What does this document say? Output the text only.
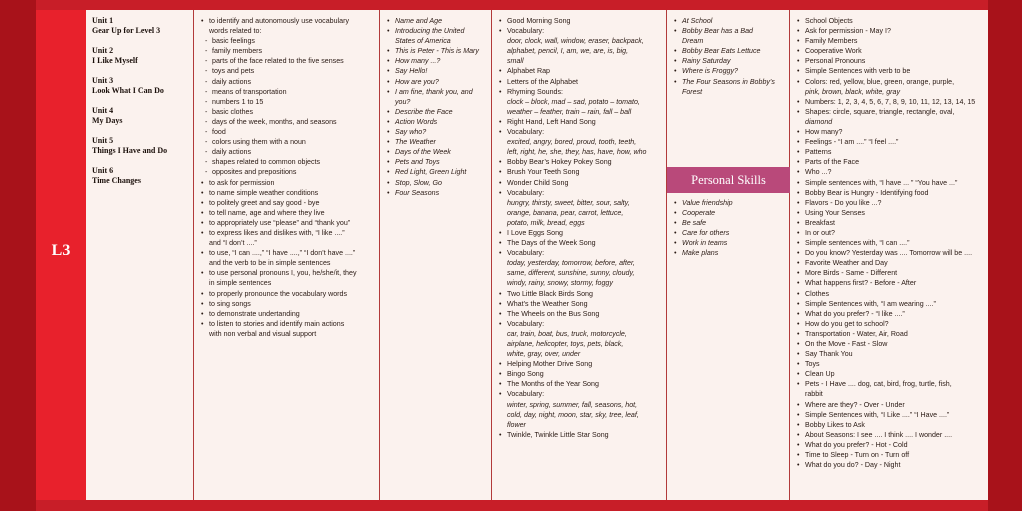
L3
Unit 1
Gear Up for Level 3
Unit 2
I Like Myself
Unit 3
Look What I Can Do
Unit 4
My Days
Unit 5
Things I Have and Do
Unit 6
Time Changes
• to identify and autonomously use vocabulary
words related to:
- basic feelings
- family members
- parts of the face related to the five senses
- toys and pets
- daily actions
- means of transportation
- numbers 1 to 15
- basic clothes
- days of the week, months, and seasons
- food
- colors using them with a noun
- daily actions
- shapes related to common objects
- opposites and prepositions
• to ask for permission
• to name simple weather conditions
• to politely greet and say good - bye
• to tell name, age and where they live
• to appropriately use “please” and “thank you”
• to express likes and dislikes with, “I like ....”
and “I don’t ....”
• to use, “I can ....,” “I have ....,” “I don’t have ....”
and the verb to be in simple sentences
• to use personal pronouns I, you, he/she/it, they
in simple sentences
• to properly pronounce the vocabulary words
• to sing songs
• to demonstrate undertanding
• to listen to stories and identify main actions
with non verbal and visual support
• Name and Age
• Introducing the United
States of America
• This is Peter - This is Mary
• How many ...?
• Say Hello!
• How are you?
• I am fine, thank you, and
you?
• Describe the Face
• Action Words
• Say who?
• The Weather
• Days of the Week
• Pets and Toys
• Red Light, Green Light
• Stop, Slow, Go
• Four Seasons
• Good Morning Song
• Vocabulary:
door, clock, wall, window, eraser, backpack,
alphabet, pencil, I, am, we, are, is, big,
small
• Alphabet Rap
• Letters of the Alphabet
• Rhyming Sounds:
clock – block, mad – sad, potato – tomato,
weather – feather, train – rain, fall – ball
• Right Hand, Left Hand Song
• Vocabulary:
excited, angry, bored, proud, tooth, teeth,
left, right, he, she, they, has, have, how, who
• Bobby Bear’s Hokey Pokey Song
• Brush Your Teeth Song
• Wonder Child Song
• Vocabulary:
hungry, thirsty, sweet, bitter, sour, salty,
orange, banana, pear, carrot, lettuce,
potato, milk, bread, eggs
• I Love Eggs Song
• The Days of the Week Song
• Vocabulary:
today, yesterday, tomorrow, before, after,
same, different, sunshine, sunny, cloudy,
windy, rainy, snowy, stormy, foggy
• Two Little Black Birds Song
• What’s the Weather Song
• The Wheels on the Bus Song
• Vocabulary:
car, train, boat, bus, truck, motorcycle,
airplane, helicopter, toys, pets, black,
white, gray, over, under
• Helping Mother Drive Song
• Bingo Song
• The Months of the Year Song
• Vocabulary:
winter, spring, summer, fall, seasons, hot,
cold, day, night, moon, star, sky, tree, leaf,
flower
• Twinkle, Twinkle Little Star Song
• At School
• Bobby Bear has a Bad
Dream
• Bobby Bear Eats Lettuce
• Rainy Saturday
• Where is Froggy?
• The Four Seasons in Bobby’s
Forest
• School Objects
• Ask for permission - May I?
• Family Members
• Cooperative Work
• Personal Pronouns
• Simple Sentences with verb to be
• Colors: red, yellow, blue, green, orange, purple,
pink, brown, black, white, gray
• Numbers: 1, 2, 3, 4, 5, 6, 7, 8, 9, 10, 11, 12, 13, 14, 15
• Shapes: circle, square, triangle, rectangle, oval,
diamond
• How many?
• Feelings - “I am ....” “I feel ....”
• Patterns
• Parts of the Face
• Who ...?
• Simple sentences with, “I have ... ” “You have ...”
• Bobby Bear is Hungry - Identifying food
• Flavors - Do you like ...?
• Using Your Senses
• Breakfast
• In or out?
• Simple sentences with, “I can ....”
• Do you know? Yesterday was .... Tomorrow will be ....
• Favorite Weather and Day
• More Birds - Same - Different
• What happens first? - Before - After
• Clothes
• Simple Sentences with, “I am wearing ....”
• What do you prefer? - “I like ....”
• How do you get to school?
• Transportation - Water, Air, Road
• On the Move - Fast - Slow
• Say Thank You
• Toys
• Clean Up
• Pets - I Have .... dog, cat, bird, frog, turtle, fish,
rabbit
• Where are they? - Over - Under
• Simple Sentences with, “I Like ....” “I Have ....”
• Bobby Likes to Ask
• About Seasons: I see .... I think .... I wonder ....
• What do you prefer? - Hot - Cold
• Time to Sleep - Turn on - Turn off
• What do you do? - Day - Night
Personal Skills
• Value friendship
• Cooperate
• Be safe
• Care for others
• Work in teams
• Make plans
